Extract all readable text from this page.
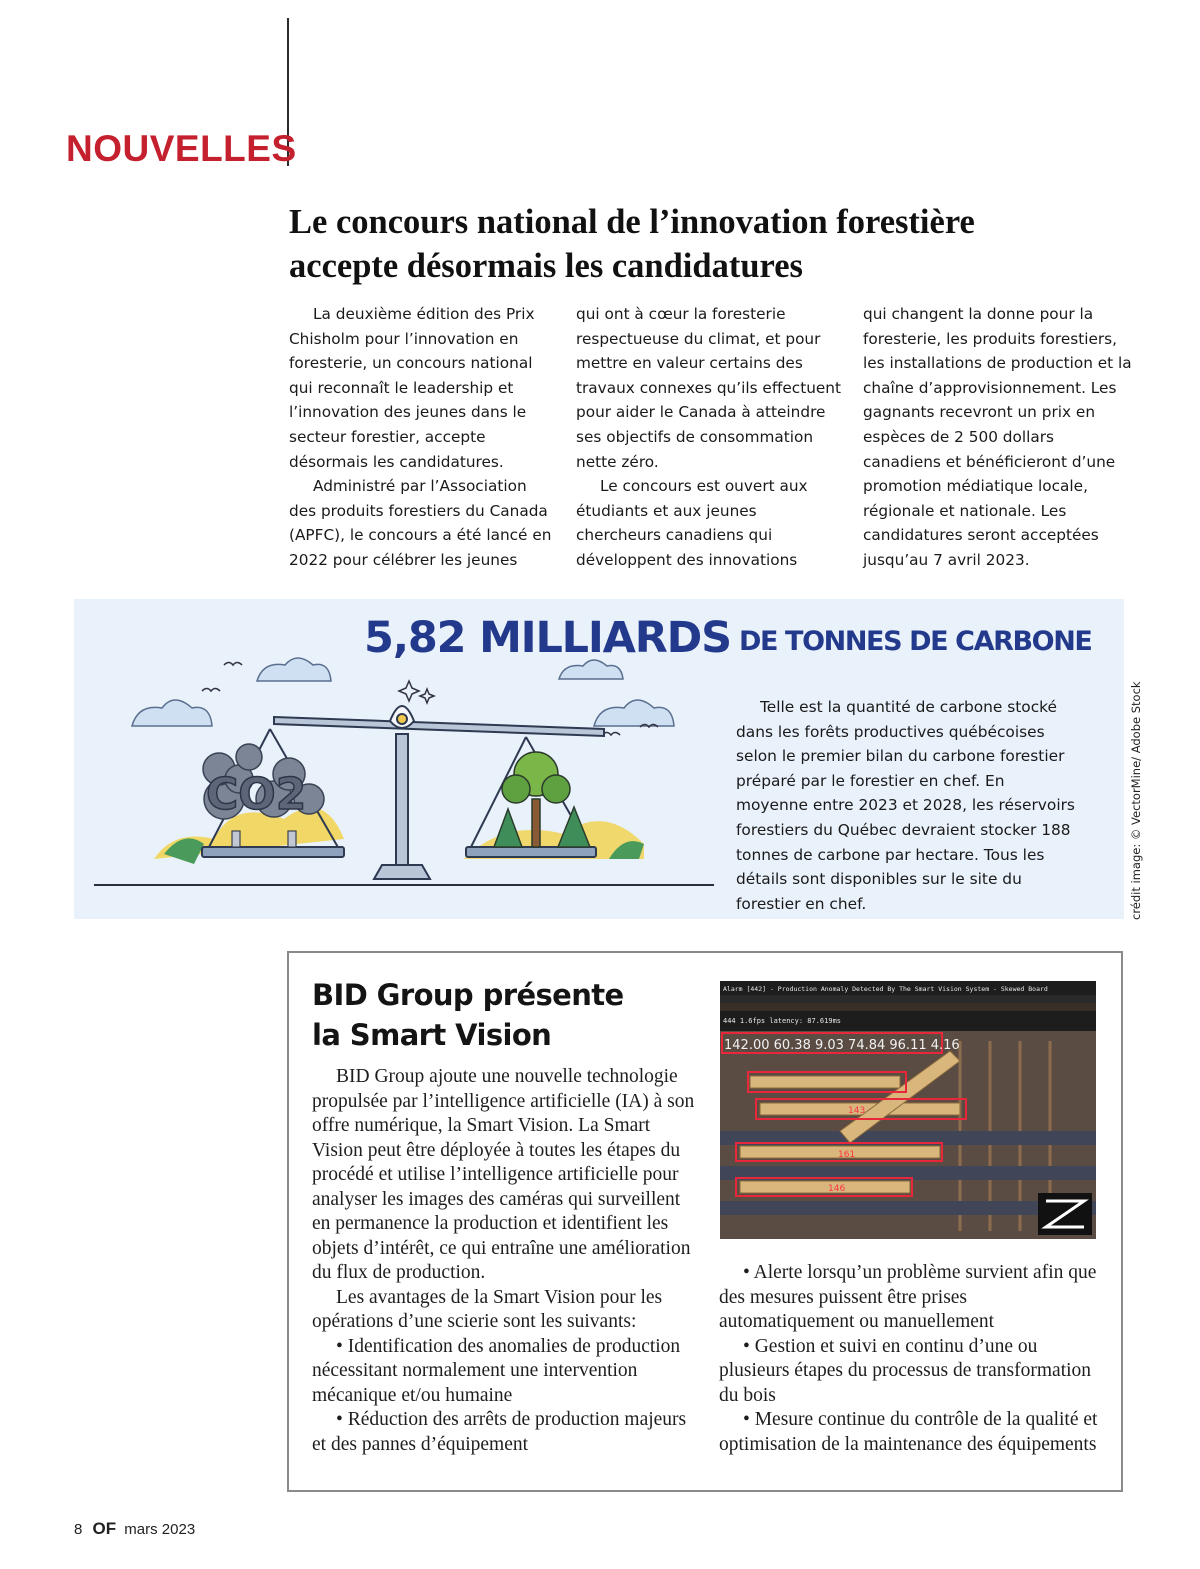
NOUVELLES
Le concours national de l’innovation forestière
accepte désormais les candidatures

La deuxième édition des Prix Chisholm pour l’innovation en foresterie, un concours national qui reconnaît le leadership et l’innovation des jeunes dans le secteur forestier, accepte désormais les candidatures.

Administré par l’Association des produits forestiers du Canada (APFC), le concours a été lancé en 2022 pour célébrer les jeunes

qui ont à cœur la foresterie respectueuse du climat, et pour mettre en valeur certains des travaux connexes qu’ils effectuent pour aider le Canada à atteindre ses objectifs de consommation nette zéro.

Le concours est ouvert aux étudiants et aux jeunes chercheurs canadiens qui développent des innovations

qui changent la donne pour la foresterie, les produits forestiers, les installations de production et la chaîne d’approvisionnement. Les gagnants recevront un prix en espèces de 2 500 dollars canadiens et bénéficieront d’une promotion médiatique locale, régionale et nationale. Les candidatures seront acceptées jusqu’au 7 avril 2023.

CO2
5,82 MILLIARDS DE TONNES DE CARBONE

Telle est la quantité de carbone stocké dans les forêts productives québécoises selon le premier bilan du carbone forestier préparé par le forestier en chef. En moyenne entre 2023 et 2028, les réservoirs forestiers du Québec devraient stocker 188 tonnes de carbone par hectare. Tous les détails sont disponibles sur le site du forestier en chef.	crédit image: © VectorMine/ Adobe Stock
BID Group présente
la Smart Vision

BID Group ajoute une nouvelle technologie propulsée par l’intelligence artificielle (IA) à son offre numérique, la Smart Vision. La Smart Vision peut être déployée à toutes les étapes du procédé et utilise l’intelligence artificielle pour analyser les images des caméras qui surveillent en permanence la production et identifient les objets d’intérêt, ce qui entraîne une amélioration du flux de production.

Les avantages de la Smart Vision pour les opérations d’une scierie sont les suivants:

• Identification des anomalies de production nécessitant normalement une intervention mécanique et/ou humaine

• Réduction des arrêts de production majeurs et des pannes d’équipement

Alarm [442] - Production Anomaly Detected By The Smart Vision System - Skewed Board
444 1.6fps latency: 87.619ms
142.00 60.38 9.03 74.84 96.11 4.16
143
161
146

• Alerte lorsqu’un problème survient afin que des mesures puissent être prises automatiquement ou manuellement

• Gestion et suivi en continu d’une ou plusieurs étapes du processus de transformation du bois

• Mesure continue du contrôle de la qualité et optimisation de la maintenance des équipements

8 OF mars 2023
